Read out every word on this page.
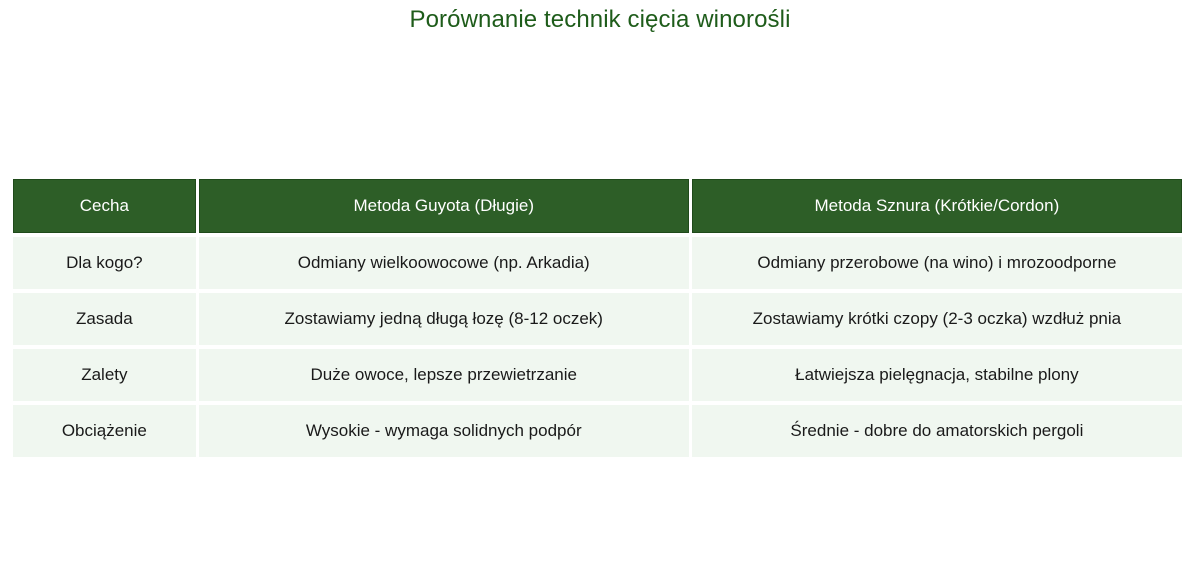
Porównanie technik cięcia winorośli
Cecha	Metoda Guyota (Długie)	Metoda Sznura (Krótkie/Cordon)
Dla kogo?	Odmiany wielkoowocowe (np. Arkadia)	Odmiany przerobowe (na wino) i mrozoodporne
Zasada	Zostawiamy jedną długą łozę (8-12 oczek)	Zostawiamy krótki czopy (2-3 oczka) wzdłuż pnia
Zalety	Duże owoce, lepsze przewietrzanie	Łatwiejsza pielęgnacja, stabilne plony
Obciążenie	Wysokie - wymaga solidnych podpór	Średnie - dobre do amatorskich pergoli
